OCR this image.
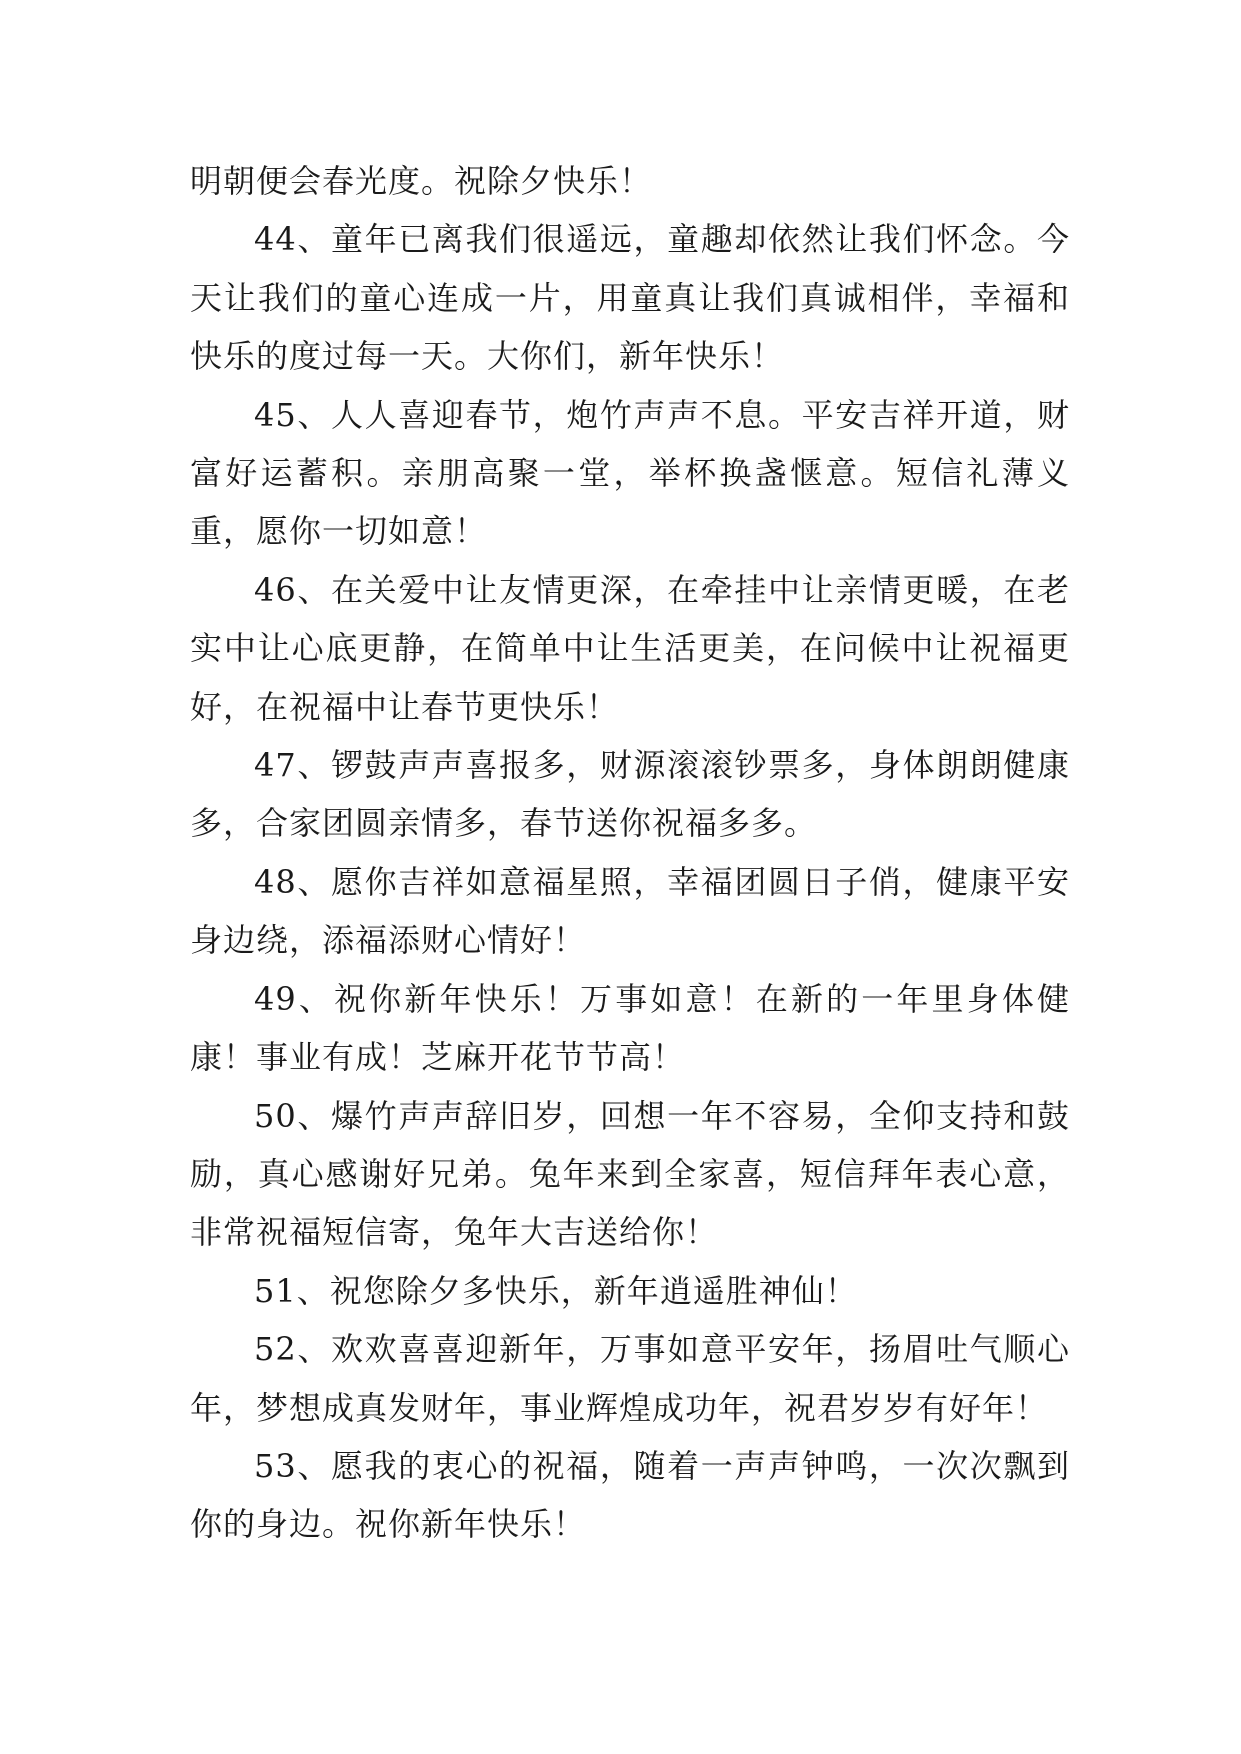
明朝便会春光度。祝除夕快乐！

44、童年已离我们很遥远，童趣却依然让我们怀念。今天让我们的童心连成一片，用童真让我们真诚相伴，幸福和快乐的度过每一天。大你们，新年快乐！

45、人人喜迎春节，炮竹声声不息。平安吉祥开道，财富好运蓄积。亲朋高聚一堂，举杯换盏惬意。短信礼薄义重，愿你一切如意！

46、在关爱中让友情更深，在牵挂中让亲情更暖，在老实中让心底更静，在简单中让生活更美，在问候中让祝福更好，在祝福中让春节更快乐！

47、锣鼓声声喜报多，财源滚滚钞票多，身体朗朗健康多，合家团圆亲情多，春节送你祝福多多。

48、愿你吉祥如意福星照，幸福团圆日子俏，健康平安身边绕，添福添财心情好！

49、祝你新年快乐！万事如意！在新的一年里身体健康！事业有成！芝麻开花节节高！

50、爆竹声声辞旧岁，回想一年不容易，全仰支持和鼓励，真心感谢好兄弟。兔年来到全家喜，短信拜年表心意，非常祝福短信寄，兔年大吉送给你！

51、祝您除夕多快乐，新年逍遥胜神仙！

52、欢欢喜喜迎新年，万事如意平安年，扬眉吐气顺心年，梦想成真发财年，事业辉煌成功年，祝君岁岁有好年！

53、愿我的衷心的祝福，随着一声声钟鸣，一次次飘到你的身边。祝你新年快乐！
